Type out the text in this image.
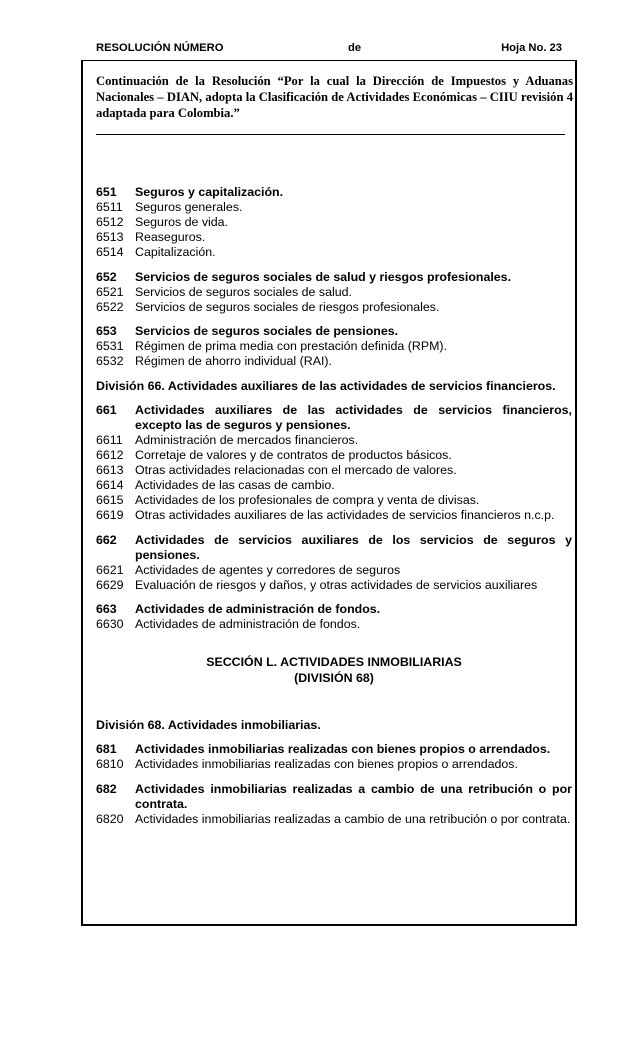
RESOLUCIÓN NÚMERO	de	Hoja No. 23
Continuación de la Resolución “Por la cual la Dirección de Impuestos y Aduanas Nacionales – DIAN, adopta la Clasificación de Actividades Económicas – CIIU revisión 4 adaptada para Colombia.”
651	Seguros y capitalización.
6511 Seguros generales.
6512 Seguros de vida.
6513 Reaseguros.
6514 Capitalización.
652	Servicios de seguros sociales de salud y riesgos profesionales.
6521 Servicios de seguros sociales de salud.
6522 Servicios de seguros sociales de riesgos profesionales.
653	Servicios de seguros sociales de pensiones.
6531 Régimen de prima media con prestación definida (RPM).
6532 Régimen de ahorro individual (RAI).
División 66. Actividades auxiliares de las actividades de servicios financieros.
661	Actividades auxiliares de las actividades de servicios financieros, excepto las de seguros y pensiones.
6611 Administración de mercados financieros.
6612 Corretaje de valores y de contratos de productos básicos.
6613 Otras actividades relacionadas con el mercado de valores.
6614 Actividades de las casas de cambio.
6615 Actividades de los profesionales de compra y venta de divisas.
6619 Otras actividades auxiliares de las actividades de servicios financieros n.c.p.
662	Actividades de servicios auxiliares de los servicios de seguros y pensiones.
6621 Actividades de agentes y corredores de seguros
6629 Evaluación de riesgos y daños, y otras actividades de servicios auxiliares
663	Actividades de administración de fondos.
6630 Actividades de administración de fondos.
SECCIÓN L. ACTIVIDADES INMOBILIARIAS
(DIVISIÓN 68)
División 68. Actividades inmobiliarias.
681	Actividades inmobiliarias realizadas con bienes propios o arrendados.
6810 Actividades inmobiliarias realizadas con bienes propios o arrendados.
682	Actividades inmobiliarias realizadas a cambio de una retribución o por contrata.
6820 Actividades inmobiliarias realizadas a cambio de una retribución o por contrata.
